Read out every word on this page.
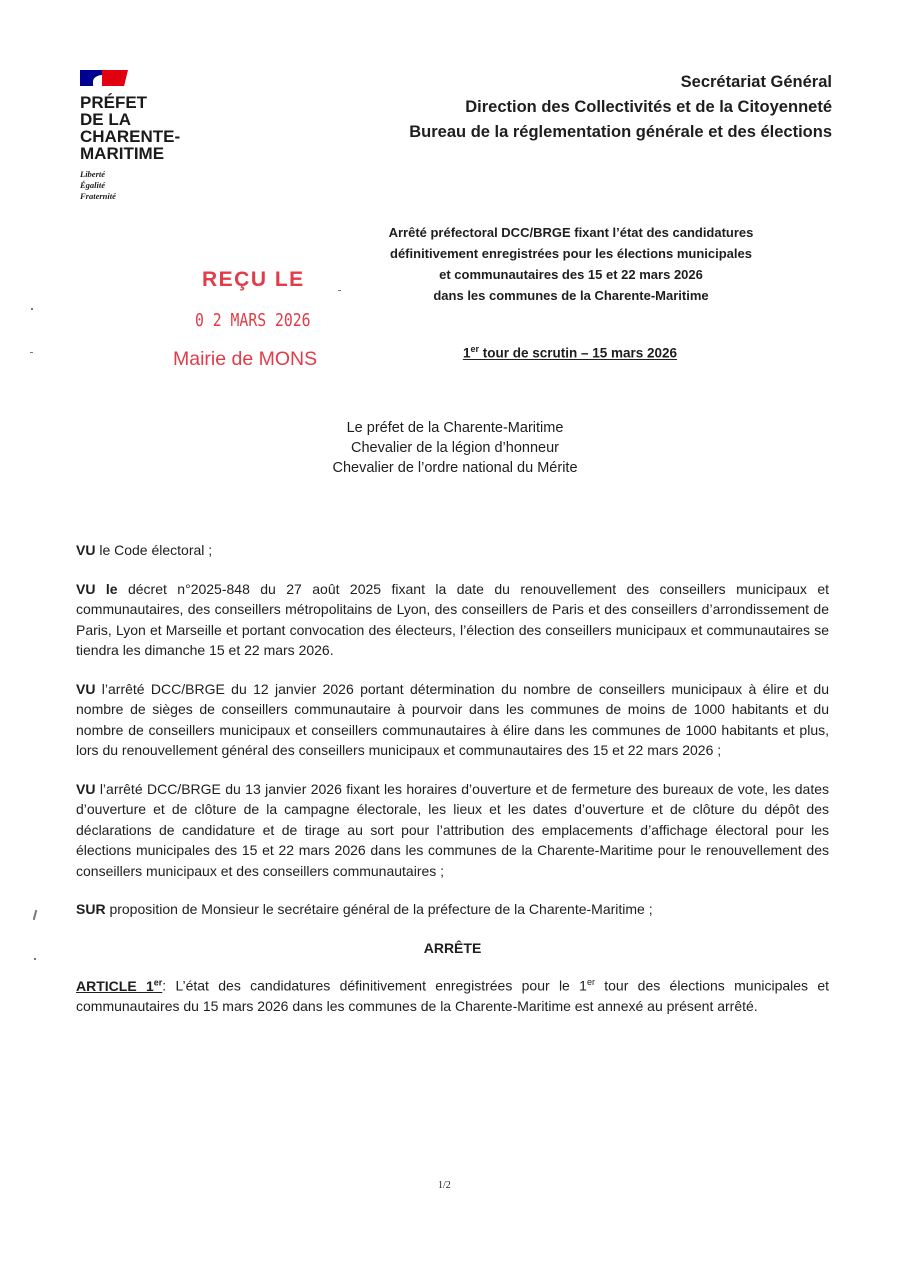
PRÉFET
DE LA
CHARENTE-
MARITIME
Liberté
Égalité
Fraternité
Secrétariat Général
Direction des Collectivités et de la Citoyenneté
Bureau de la réglementation générale et des élections
Arrêté préfectoral DCC/BRGE fixant l’état des candidatures
définitivement enregistrées pour les élections municipales
et communautaires des 15 et 22 mars 2026
dans les communes de la Charente-Maritime
REÇU LE
0 2 MARS 2026
Mairie de MONS	1er tour de scrutin – 15 mars 2026
Le préfet de la Charente-Maritime
Chevalier de la légion d’honneur
Chevalier de l’ordre national du Mérite

VU le Code électoral ;

VU le décret n°2025-848 du 27 août 2025 fixant la date du renouvellement des conseillers municipaux et communautaires, des conseillers métropolitains de Lyon, des conseillers de Paris et des conseillers d’arrondissement de Paris, Lyon et Marseille et portant convocation des électeurs, l’élection des conseillers municipaux et communautaires se tiendra les dimanche 15 et 22 mars 2026.

VU l’arrêté DCC/BRGE du 12 janvier 2026 portant détermination du nombre de conseillers municipaux à élire et du nombre de sièges de conseillers communautaire à pourvoir dans les communes de moins de 1000 habitants et du nombre de conseillers municipaux et conseillers communautaires à élire dans les communes de 1000 habitants et plus, lors du renouvellement général des conseillers municipaux et communautaires des 15 et 22 mars 2026 ;

VU l’arrêté DCC/BRGE du 13 janvier 2026 fixant les horaires d’ouverture et de fermeture des bureaux de vote, les dates d’ouverture et de clôture de la campagne électorale, les lieux et les dates d’ouverture et de clôture du dépôt des déclarations de candidature et de tirage au sort pour l’attribution des emplacements d’affichage électoral pour les élections municipales des 15 et 22 mars 2026 dans les communes de la Charente-Maritime pour le renouvellement des conseillers municipaux et des conseillers communautaires ;

SUR proposition de Monsieur le secrétaire général de la préfecture de la Charente-Maritime ;

ARRÊTE

ARTICLE 1er: L’état des candidatures définitivement enregistrées pour le 1er tour des élections municipales et communautaires du 15 mars 2026 dans les communes de la Charente-Maritime est annexé au présent arrêté.

1/2
